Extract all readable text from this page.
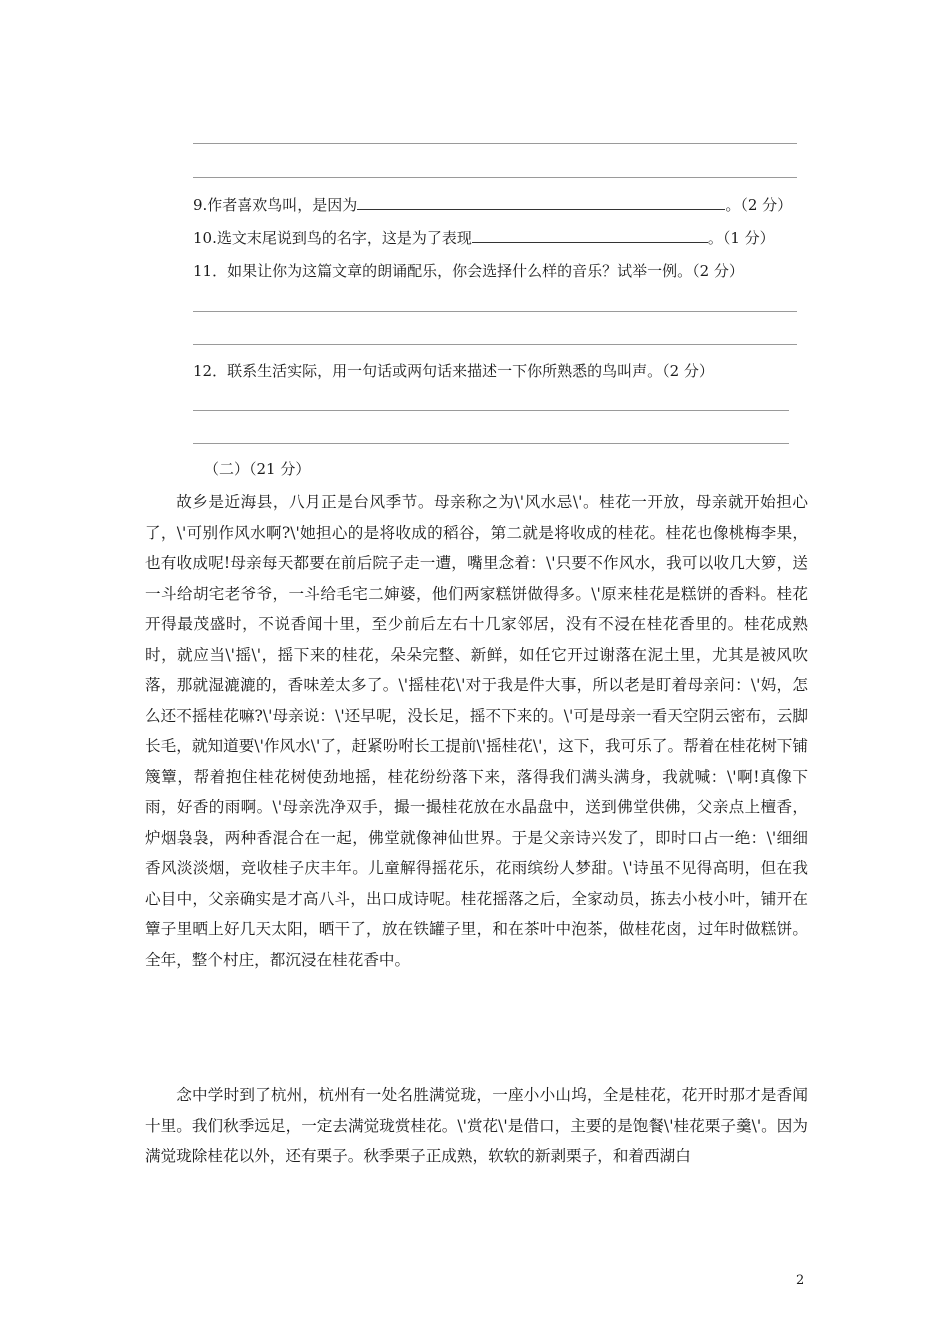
9.作者喜欢鸟叫，是因为	。（2 分）
10.选文末尾说到鸟的名字，这是为了表现	。（1 分）
11．如果让你为这篇文章的朗诵配乐，你会选择什么样的音乐？试举一例。（2 分）
12．联系生活实际，用一句话或两句话来描述一下你所熟悉的鸟叫声。（2 分）
（二）（21 分）

故乡是近海县，八月正是台风季节。母亲称之为\'风水忌\'。桂花一开放，母亲就开始担心了，\'可别作风水啊?\'她担心的是将收成的稻谷，第二就是将收成的桂花。桂花也像桃梅李果，也有收成呢!母亲每天都要在前后院子走一遭，嘴里念着：\'只要不作风水，我可以收几大箩，送一斗给胡宅老爷爷，一斗给毛宅二婶婆，他们两家糕饼做得多。\'原来桂花是糕饼的香料。桂花开得最茂盛时，不说香闻十里，至少前后左右十几家邻居，没有不浸在桂花香里的。桂花成熟时，就应当\'摇\'，摇下来的桂花，朵朵完整、新鲜，如任它开过谢落在泥土里，尤其是被风吹落，那就湿漉漉的，香味差太多了。\'摇桂花\'对于我是件大事，所以老是盯着母亲问：\'妈，怎么还不摇桂花嘛?\'母亲说：\'还早呢，没长足，摇不下来的。\'可是母亲一看天空阴云密布，云脚长毛，就知道要\'作风水\'了，赶紧吩咐长工提前\'摇桂花\'，这下，我可乐了。帮着在桂花树下铺篾簟，帮着抱住桂花树使劲地摇，桂花纷纷落下来，落得我们满头满身，我就喊：\'啊!真像下雨，好香的雨啊。\'母亲洗净双手，撮一撮桂花放在水晶盘中，送到佛堂供佛，父亲点上檀香，炉烟袅袅，两种香混合在一起，佛堂就像神仙世界。于是父亲诗兴发了，即时口占一绝：\'细细香风淡淡烟，竞收桂子庆丰年。儿童解得摇花乐，花雨缤纷人梦甜。\'诗虽不见得高明，但在我心目中，父亲确实是才高八斗，出口成诗呢。桂花摇落之后，全家动员，拣去小枝小叶，铺开在簟子里晒上好几天太阳，晒干了，放在铁罐子里，和在茶叶中泡茶，做桂花卤，过年时做糕饼。全年，整个村庄，都沉浸在桂花香中。

念中学时到了杭州，杭州有一处名胜满觉珑，一座小小山坞，全是桂花，花开时那才是香闻十里。我们秋季远足，一定去满觉珑赏桂花。\'赏花\'是借口，主要的是饱餐\'桂花栗子羹\'。因为满觉珑除桂花以外，还有栗子。秋季栗子正成熟，软软的新剥栗子，和着西湖白

2
